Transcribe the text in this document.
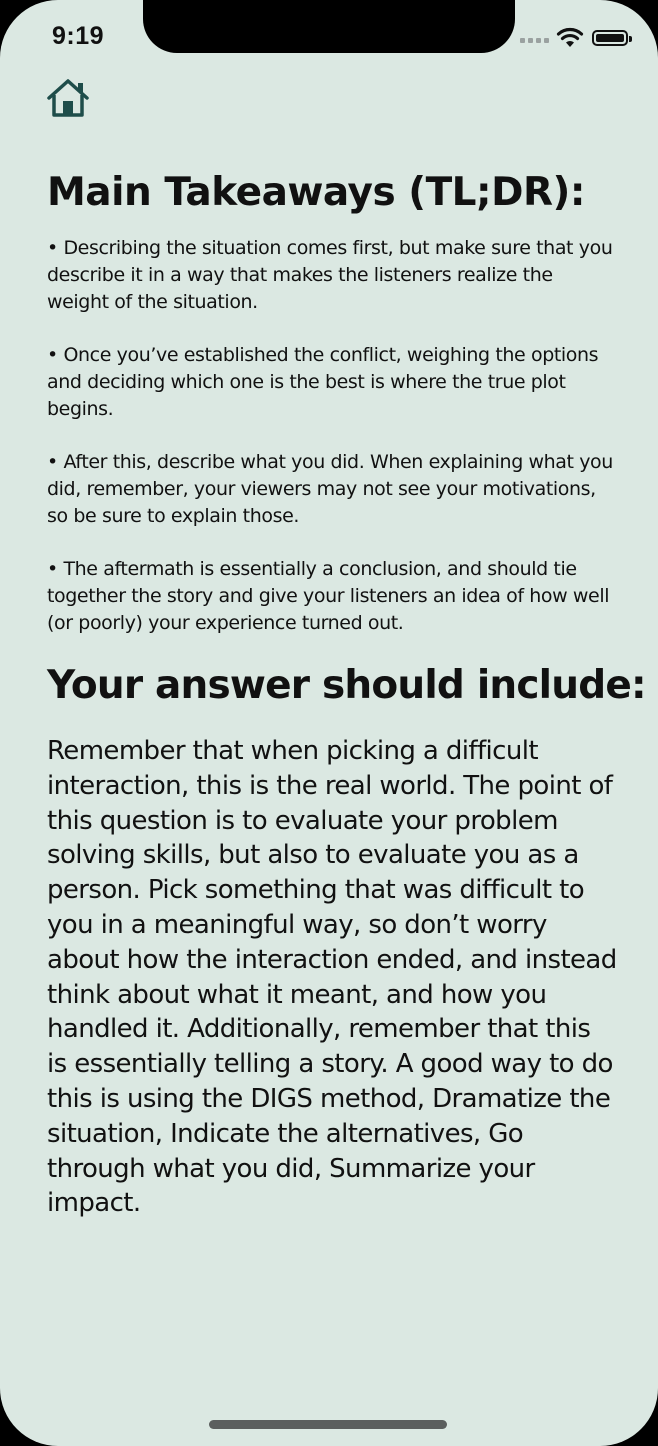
9:19
Main Takeaways (TL;DR):

• Describing the situation comes first, but make sure that you describe it in a way that makes the listeners realize the weight of the situation.

• Once you’ve established the conflict, weighing the options and deciding which one is the best is where the true plot begins.

• After this, describe what you did. When explaining what you did, remember, your viewers may not see your motivations, so be sure to explain those.

• The aftermath is essentially a conclusion, and should tie together the story and give your listeners an idea of how well (or poorly) your experience turned out.

Your answer should include:

Remember that when picking a difficult interaction, this is the real world. The point of this question is to evaluate your problem solving skills, but also to evaluate you as a person. Pick something that was difficult to you in a meaningful way, so don’t worry about how the interaction ended, and instead think about what it meant, and how you handled it. Additionally, remember that this is essentially telling a story. A good way to do this is using the DIGS method, Dramatize the situation, Indicate the alternatives, Go through what you did, Summarize your impact.
